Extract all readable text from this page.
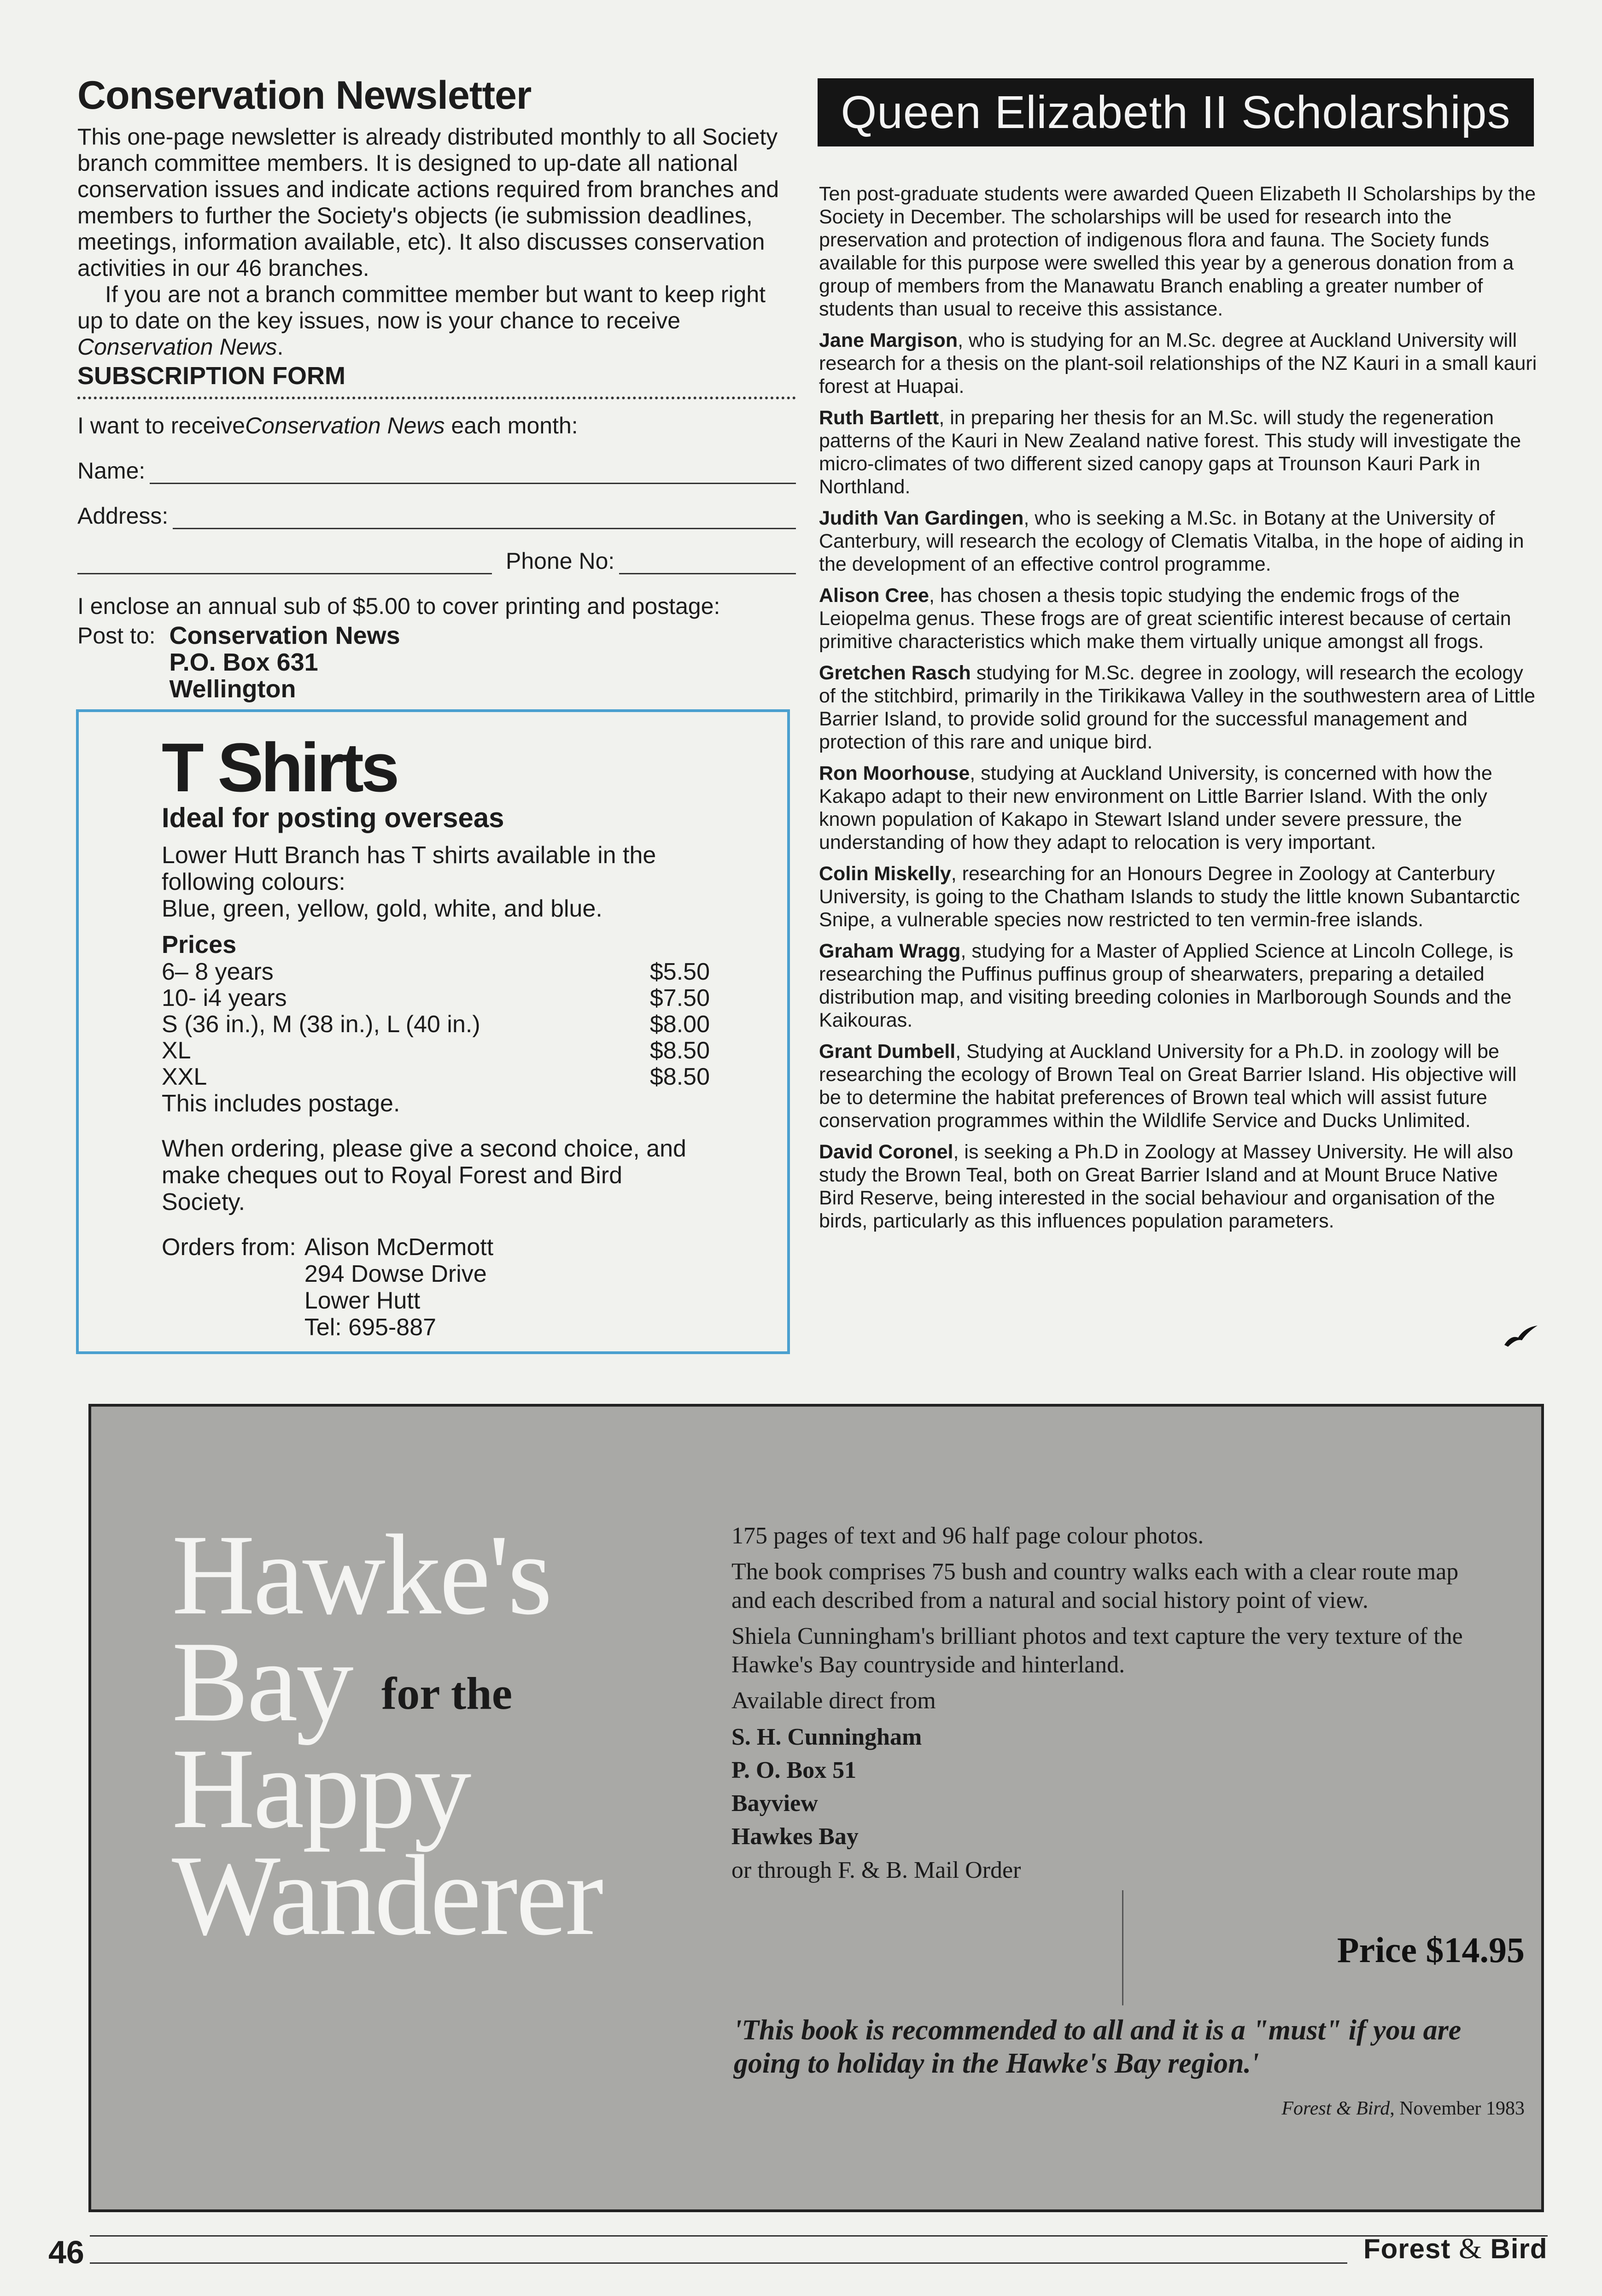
Conservation Newsletter

This one-page newsletter is already distributed monthly to all Society branch committee members. It is designed to up-date all national conservation issues and indicate actions required from branches and members to further the Society's objects (ie submission deadlines, meetings, information available, etc). It also discusses conservation activities in our 46 branches.

If you are not a branch committee member but want to keep right up to date on the key issues, now is your chance to receive Conservation News.

SUBSCRIPTION FORM
I want to receive Conservation News each month:
Name:
Address:
Phone No:
I enclose an annual sub of $5.00 to cover printing and postage:
Post to: Conservation News
P.O. Box 631
Wellington
T Shirts
Ideal for posting overseas

Lower Hutt Branch has T shirts available in the following colours:

Blue, green, yellow, gold, white, and blue.

Prices
6– 8 years	$5.50
10- i4 years	$7.50
S (36 in.), M (38 in.), L (40 in.)	$8.00
XL	$8.50
XXL	$8.50

This includes postage.

When ordering, please give a second choice, and make cheques out to Royal Forest and Bird Society.

Orders from: Alison McDermott
294 Dowse Drive
Lower Hutt
Tel: 695-887
Queen Elizabeth II Scholarships

Ten post-graduate students were awarded Queen Elizabeth II Scholarships by the Society in December. The scholarships will be used for research into the preservation and protection of indigenous flora and fauna. The Society funds available for this purpose were swelled this year by a generous donation from a group of members from the Manawatu Branch enabling a greater number of students than usual to receive this assistance.

Jane Margison, who is studying for an M.Sc. degree at Auckland University will research for a thesis on the plant-soil relationships of the NZ Kauri in a small kauri forest at Huapai.

Ruth Bartlett, in preparing her thesis for an M.Sc. will study the regeneration patterns of the Kauri in New Zealand native forest. This study will investigate the micro-climates of two different sized canopy gaps at Trounson Kauri Park in Northland.

Judith Van Gardingen, who is seeking a M.Sc. in Botany at the University of Canterbury, will research the ecology of Clematis Vitalba, in the hope of aiding in the development of an effective control programme.

Alison Cree, has chosen a thesis topic studying the endemic frogs of the Leiopelma genus. These frogs are of great scientific interest because of certain primitive characteristics which make them virtually unique amongst all frogs.

Gretchen Rasch studying for M.Sc. degree in zoology, will research the ecology of the stitchbird, primarily in the Tirikikawa Valley in the southwestern area of Little Barrier Island, to provide solid ground for the successful management and protection of this rare and unique bird.

Ron Moorhouse, studying at Auckland University, is concerned with how the Kakapo adapt to their new environment on Little Barrier Island. With the only known population of Kakapo in Stewart Island under severe pressure, the understanding of how they adapt to relocation is very important.

Colin Miskelly, researching for an Honours Degree in Zoology at Canterbury University, is going to the Chatham Islands to study the little known Subantarctic Snipe, a vulnerable species now restricted to ten vermin-free islands.

Graham Wragg, studying for a Master of Applied Science at Lincoln College, is researching the Puffinus puffinus group of shearwaters, preparing a detailed distribution map, and visiting breeding colonies in Marlborough Sounds and the Kaikouras.

Grant Dumbell, Studying at Auckland University for a Ph.D. in zoology will be researching the ecology of Brown Teal on Great Barrier Island. His objective will be to determine the habitat preferences of Brown teal which will assist future conservation programmes within the Wildlife Service and Ducks Unlimited.

David Coronel, is seeking a Ph.D in Zoology at Massey University. He will also study the Brown Teal, both on Great Barrier Island and at Mount Bruce Native Bird Reserve, being interested in the social behaviour and organisation of the birds, particularly as this influences population parameters.

Hawke's
Bay
Happy
Wanderer
for the

175 pages of text and 96 half page colour photos.

The book comprises 75 bush and country walks each with a clear route map and each described from a natural and social history point of view.

Shiela Cunningham's brilliant photos and text capture the very texture of the Hawke's Bay countryside and hinterland.

Available direct from

S. H. Cunningham
P. O. Box 51
Bayview
Hawkes Bay

or through F. & B. Mail Order

Price $14.95
'This book is recommended to all and it is a "must" if you are going to holiday in the Hawke's Bay region.'
Forest & Bird, November 1983
46	Forest & Bird
